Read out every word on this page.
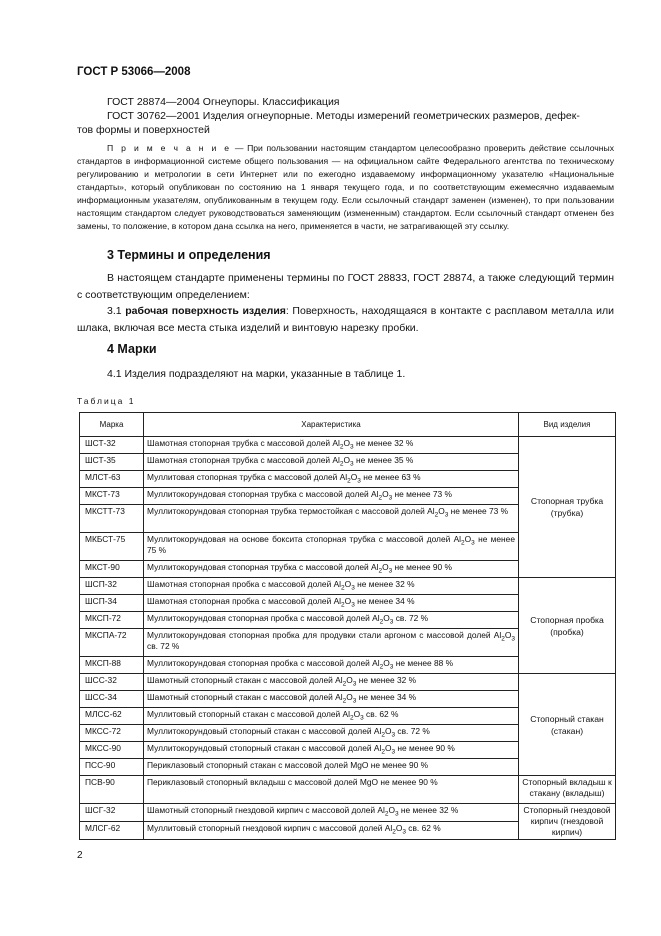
ГОСТ Р 53066—2008
ГОСТ 28874—2004 Огнеупоры. Классификация
ГОСТ 30762—2001 Изделия огнеупорные. Методы измерений геометрических размеров, дефек-
тов формы и поверхностей
П р и м е ч а н и е — При пользовании настоящим стандартом целесообразно проверить действие ссылочных стандартов в информационной системе общего пользования — на официальном сайте Федерального агентства по техническому регулированию и метрологии в сети Интернет или по ежегодно издаваемому информационному указателю «Национальные стандарты», который опубликован по состоянию на 1 января текущего года, и по соответствующим ежемесячно издаваемым информационным указателям, опубликованным в текущем году. Если ссылочный стандарт заменен (изменен), то при пользовании настоящим стандартом следует руководствоваться заменяющим (измененным) стандартом. Если ссылочный стандарт отменен без замены, то положение, в котором дана ссылка на него, применяется в части, не затрагивающей эту ссылку.
3 Термины и определения

В настоящем стандарте применены термины по ГОСТ 28833, ГОСТ 28874, а также следующий термин с соответствующим определением:

3.1 рабочая поверхность изделия: Поверхность, находящаяся в контакте с расплавом металла или шлака, включая все места стыка изделий и винтовую нарезку пробки.

4 Марки
4.1 Изделия подразделяют на марки, указанные в таблице 1.
Таблица 1
Марка	Характеристика	Вид изделия
ШСТ-32	Шамотная стопорная трубка с массовой долей $Al_2O_3$ не менее 32 %	Стопорная трубка (трубка)
ШСТ-35	Шамотная стопорная трубка с массовой долей $Al_2O_3$ не менее 35 %	
МЛСТ-63	Муллитовая стопорная трубка с массовой долей $Al_2O_3$ не менее 63 %	
МКСТ-73	Муллитокорундовая стопорная трубка с массовой долей $Al_2O_3$ не менее 73 %	
МКСТТ-73	Муллитокорундовая стопорная трубка термостойкая с массовой долей $Al_2O_3$ не менее 73 %	
МКБСТ-75	Муллитокорундовая на основе боксита стопорная трубка с массовой долей $Al_2O_3$ не менее 75 %	
МКСТ-90	Муллитокорундовая стопорная трубка с массовой долей $Al_2O_3$ не менее 90 %	
ШСП-32	Шамотная стопорная пробка с массовой долей $Al_2O_3$ не менее 32 %	Стопорная пробка (пробка)
ШСП-34	Шамотная стопорная пробка с массовой долей $Al_2O_3$ не менее 34 %	
МКСП-72	Муллитокорундовая стопорная пробка с массовой долей $Al_2O_3$ св. 72 %	
МКСПА-72	Муллитокорундовая стопорная пробка для продувки стали аргоном с массовой долей $Al_2O_3$ св. 72 %	
МКСП-88	Муллитокорундовая стопорная пробка с массовой долей $Al_2O_3$ не менее 88 %	
ШСС-32	Шамотный стопорный стакан с массовой долей $Al_2O_3$ не менее 32 %	Стопорный стакан (стакан)
ШСС-34	Шамотный стопорный стакан с массовой долей $Al_2O_3$ не менее 34 %	
МЛСС-62	Муллитовый стопорный стакан с массовой долей $Al_2O_3$ св. 62 %	
МКСС-72	Муллитокорундовый стопорный стакан с массовой долей $Al_2O_3$ св. 72 %	
МКСС-90	Муллитокорундовый стопорный стакан с массовой долей $Al_2O_3$ не менее 90 %	
ПСС-90	Периклазовый стопорный стакан с массовой долей MgO не менее 90 %	
ПСВ-90	Периклазовый стопорный вкладыш с массовой долей MgO не менее 90 %	Стопорный вкладыш к стакану (вкладыш)
ШСГ-32	Шамотный стопорный гнездовой кирпич с массовой долей $Al_2O_3$ не менее 32 %	Стопорный гнездовой кирпич (гнездовой кирпич)
МЛСГ-62	Муллитовый стопорный гнездовой кирпич с массовой долей $Al_2O_3$ св. 62 %	
2
